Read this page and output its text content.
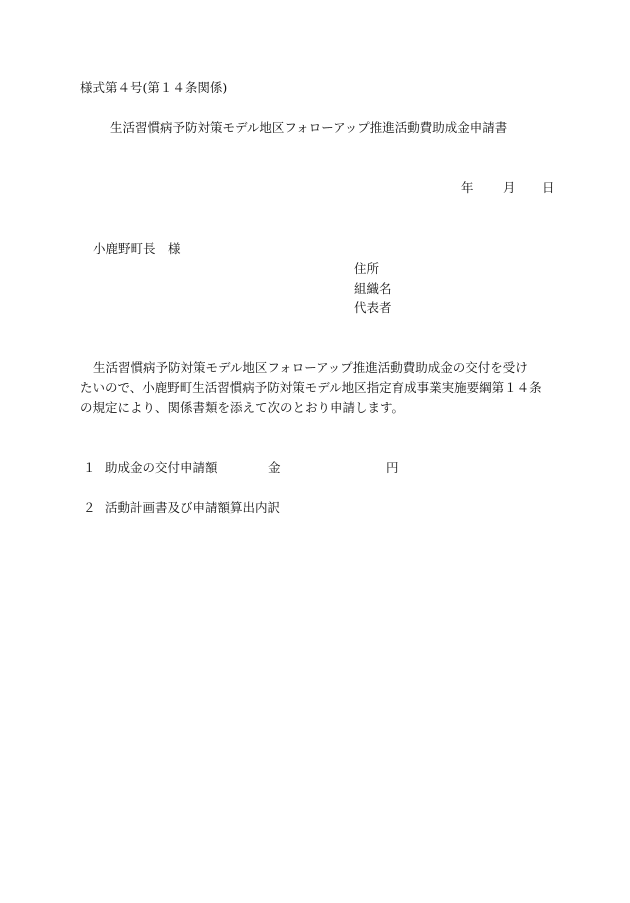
様式第４号(第１４条関係)
生活習慣病予防対策モデル地区フォローアップ推進活動費助成金申請書
年 月 日
小鹿野町長　様
住所
組織名
代表者
生活習慣病予防対策モデル地区フォローアップ推進活動費助成金の交付を受け
たいので、小鹿野町生活習慣病予防対策モデル地区指定育成事業実施要綱第１４条
の規定により、関係書類を添えて次のとおり申請します。
１ 助成金の交付申請額	金	円
２ 活動計画書及び申請額算出内訳
